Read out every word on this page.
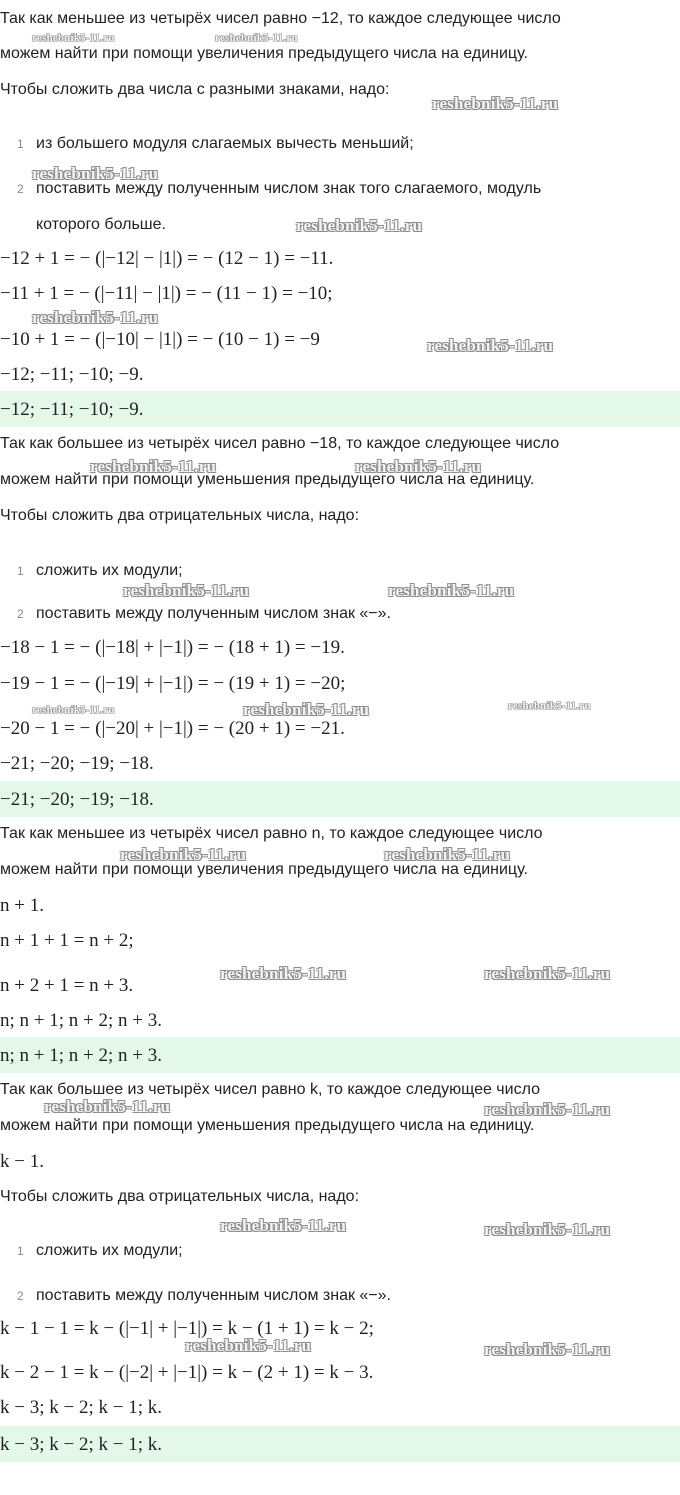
Так как меньшее из четырёх чисел равно −12, то каждое следующее число
можем найти при помощи увеличения предыдущего числа на единицу.
Чтобы сложить два числа с разными знаками, надо:
1 из большего модуля слагаемых вычесть меньший;
2 поставить между полученным числом знак того слагаемого, модуль
которого больше.
−12 + 1 = − (|−12| − |1|) = − (12 − 1) = −11.
−11 + 1 = − (|−11| − |1|) = − (11 − 1) = −10;
−10 + 1 = − (|−10| − |1|) = − (10 − 1) = −9
−12; −11; −10; −9.
−12; −11; −10; −9.
Так как большее из четырёх чисел равно −18, то каждое следующее число
можем найти при помощи уменьшения предыдущего числа на единицу.
Чтобы сложить два отрицательных числа, надо:
1 сложить их модули;
2 поставить между полученным числом знак «−».
−18 − 1 = − (|−18| + |−1|) = − (18 + 1) = −19.
−19 − 1 = − (|−19| + |−1|) = − (19 + 1) = −20;
−20 − 1 = − (|−20| + |−1|) = − (20 + 1) = −21.
−21; −20; −19; −18.
−21; −20; −19; −18.
Так как меньшее из четырёх чисел равно n, то каждое следующее число
можем найти при помощи увеличения предыдущего числа на единицу.
n + 1.
n + 1 + 1 = n + 2;
n + 2 + 1 = n + 3.
n; n + 1; n + 2; n + 3.
n; n + 1; n + 2; n + 3.
Так как большее из четырёх чисел равно k, то каждое следующее число
можем найти при помощи уменьшения предыдущего числа на единицу.
k − 1.
Чтобы сложить два отрицательных числа, надо:
1 сложить их модули;
2 поставить между полученным числом знак «−».
k − 1 − 1 = k − (|−1| + |−1|) = k − (1 + 1) = k − 2;
k − 2 − 1 = k − (|−2| + |−1|) = k − (2 + 1) = k − 3.
k − 3; k − 2; k − 1; k.
k − 3; k − 2; k − 1; k.
reshebnik5-11.ru	reshebnik5-11.ru
reshebnik5-11.ru
reshebnik5-11.ru
reshebnik5-11.ru
reshebnik5-11.ru
reshebnik5-11.ru
reshebnik5-11.ru	reshebnik5-11.ru
reshebnik5-11.ru	reshebnik5-11.ru
reshebnik5-11.ru	reshebnik5-11.ru	reshebnik5-11.ru
reshebnik5-11.ru	reshebnik5-11.ru
reshebnik5-11.ru	reshebnik5-11.ru
reshebnik5-11.ru	reshebnik5-11.ru
reshebnik5-11.ru	reshebnik5-11.ru
reshebnik5-11.ru	reshebnik5-11.ru
